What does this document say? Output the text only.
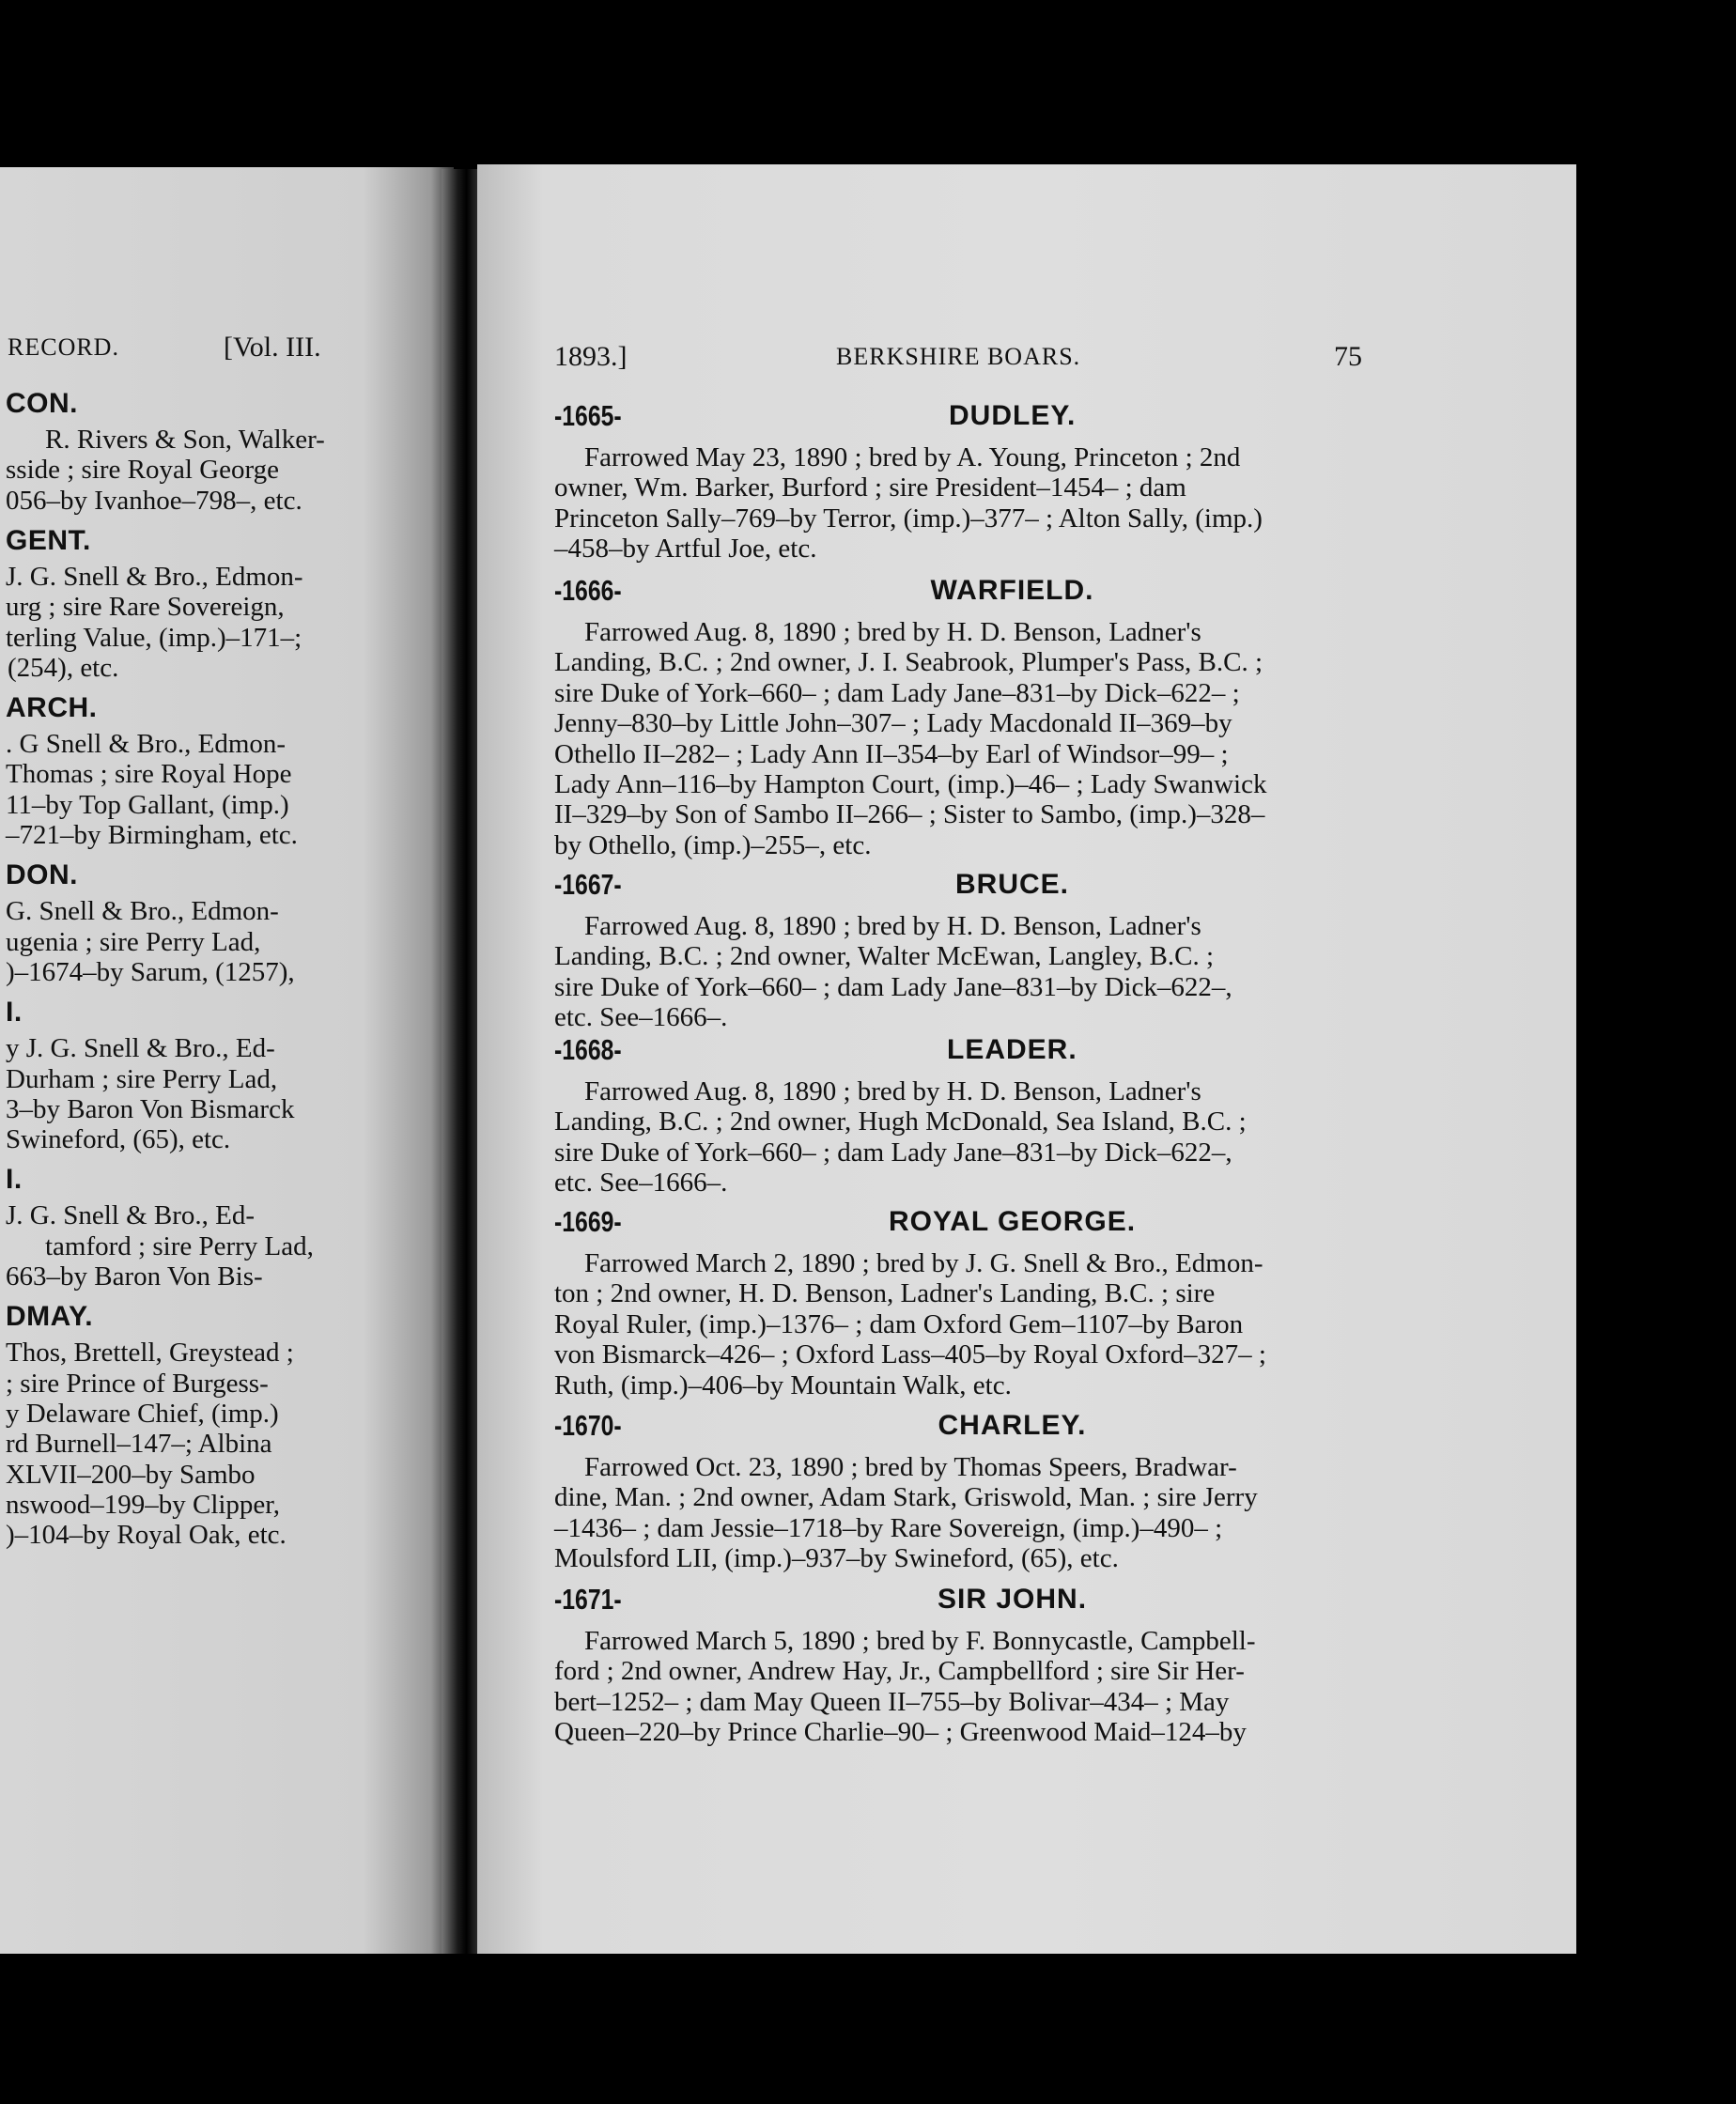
RECORD.	[Vol. III.
CON.
R. Rivers & Son, Walker-
sside ; sire Royal George
056–by Ivanhoe–798–, etc.
GENT.
J. G. Snell & Bro., Edmon-
urg ; sire Rare Sovereign,
terling Value, (imp.)–171–;
(254), etc.
ARCH.
. G Snell & Bro., Edmon-
Thomas ; sire Royal Hope
11–by Top Gallant, (imp.)
–721–by Birmingham, etc.
DON.
G. Snell & Bro., Edmon-
ugenia ; sire Perry Lad,
)–1674–by Sarum, (1257),
I.
y J. G. Snell & Bro., Ed-
Durham ; sire Perry Lad,
3–by Baron Von Bismarck
Swineford, (65), etc.
I.
J. G. Snell & Bro., Ed-
tamford ; sire Perry Lad,
663–by Baron Von Bis-
DMAY.
Thos, Brettell, Greystead ;
; sire Prince of Burgess-
y Delaware Chief, (imp.)
rd Burnell–147–; Albina
XLVII–200–by Sambo
nswood–199–by Clipper,
)–104–by Royal Oak, etc.
1893.]	BERKSHIRE BOARS.	75
-1665-	DUDLEY.
Farrowed May 23, 1890 ; bred by A. Young, Princeton ; 2nd
owner, Wm. Barker, Burford ; sire President–1454– ; dam
Princeton Sally–769–by Terror, (imp.)–377– ; Alton Sally, (imp.)
–458–by Artful Joe, etc.
-1666-	WARFIELD.
Farrowed Aug. 8, 1890 ; bred by H. D. Benson, Ladner's
Landing, B.C. ; 2nd owner, J. I. Seabrook, Plumper's Pass, B.C. ;
sire Duke of York–660– ; dam Lady Jane–831–by Dick–622– ;
Jenny–830–by Little John–307– ; Lady Macdonald II–369–by
Othello II–282– ; Lady Ann II–354–by Earl of Windsor–99– ;
Lady Ann–116–by Hampton Court, (imp.)–46– ; Lady Swanwick
II–329–by Son of Sambo II–266– ; Sister to Sambo, (imp.)–328–
by Othello, (imp.)–255–, etc.
-1667-	BRUCE.
Farrowed Aug. 8, 1890 ; bred by H. D. Benson, Ladner's
Landing, B.C. ; 2nd owner, Walter McEwan, Langley, B.C. ;
sire Duke of York–660– ; dam Lady Jane–831–by Dick–622–,
etc. See–1666–.
-1668-	LEADER.
Farrowed Aug. 8, 1890 ; bred by H. D. Benson, Ladner's
Landing, B.C. ; 2nd owner, Hugh McDonald, Sea Island, B.C. ;
sire Duke of York–660– ; dam Lady Jane–831–by Dick–622–,
etc. See–1666–.
-1669-	ROYAL GEORGE.
Farrowed March 2, 1890 ; bred by J. G. Snell & Bro., Edmon-
ton ; 2nd owner, H. D. Benson, Ladner's Landing, B.C. ; sire
Royal Ruler, (imp.)–1376– ; dam Oxford Gem–1107–by Baron
von Bismarck–426– ; Oxford Lass–405–by Royal Oxford–327– ;
Ruth, (imp.)–406–by Mountain Walk, etc.
-1670-	CHARLEY.
Farrowed Oct. 23, 1890 ; bred by Thomas Speers, Bradwar-
dine, Man. ; 2nd owner, Adam Stark, Griswold, Man. ; sire Jerry
–1436– ; dam Jessie–1718–by Rare Sovereign, (imp.)–490– ;
Moulsford LII, (imp.)–937–by Swineford, (65), etc.
-1671-	SIR JOHN.
Farrowed March 5, 1890 ; bred by F. Bonnycastle, Campbell-
ford ; 2nd owner, Andrew Hay, Jr., Campbellford ; sire Sir Her-
bert–1252– ; dam May Queen II–755–by Bolivar–434– ; May
Queen–220–by Prince Charlie–90– ; Greenwood Maid–124–by
